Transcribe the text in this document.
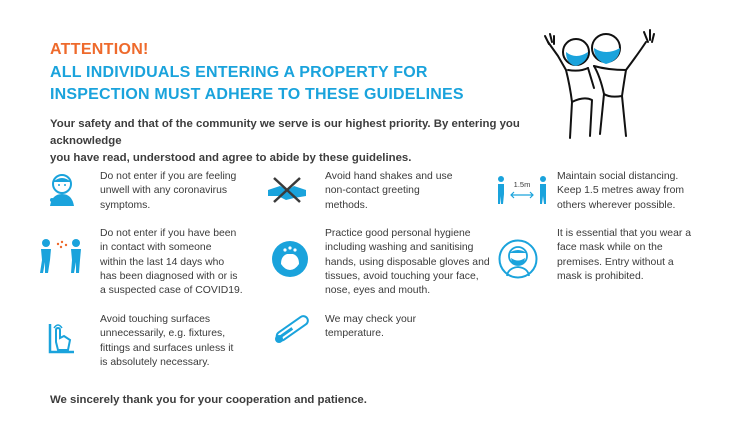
ATTENTION!
ALL INDIVIDUALS ENTERING A PROPERTY FOR
INSPECTION MUST ADHERE TO THESE GUIDELINES
Your safety and that of the community we serve is our highest priority. By entering you acknowledge
you have read, understood and agree to abide by these guidelines.
Do not enter if you are feeling
unwell with any coronavirus
symptoms.
Do not enter if you have been
in contact with someone
within the last 14 days who
has been diagnosed with or is
a suspected case of COVID19.
Avoid touching surfaces
unnecessarily, e.g. fixtures,
fittings and surfaces unless it
is absolutely necessary.
Avoid hand shakes and use
non-contact greeting
methods.
Practice good personal hygiene
including washing and sanitising
hands, using disposable gloves and
tissues, avoid touching your face,
nose, eyes and mouth.
We may check your
temperature.
1.5m
Maintain social distancing.
Keep 1.5 metres away from
others wherever possible.
It is essential that you wear a
face mask while on the
premises. Entry without a
mask is prohibited.
We sincerely thank you for your cooperation and patience.
